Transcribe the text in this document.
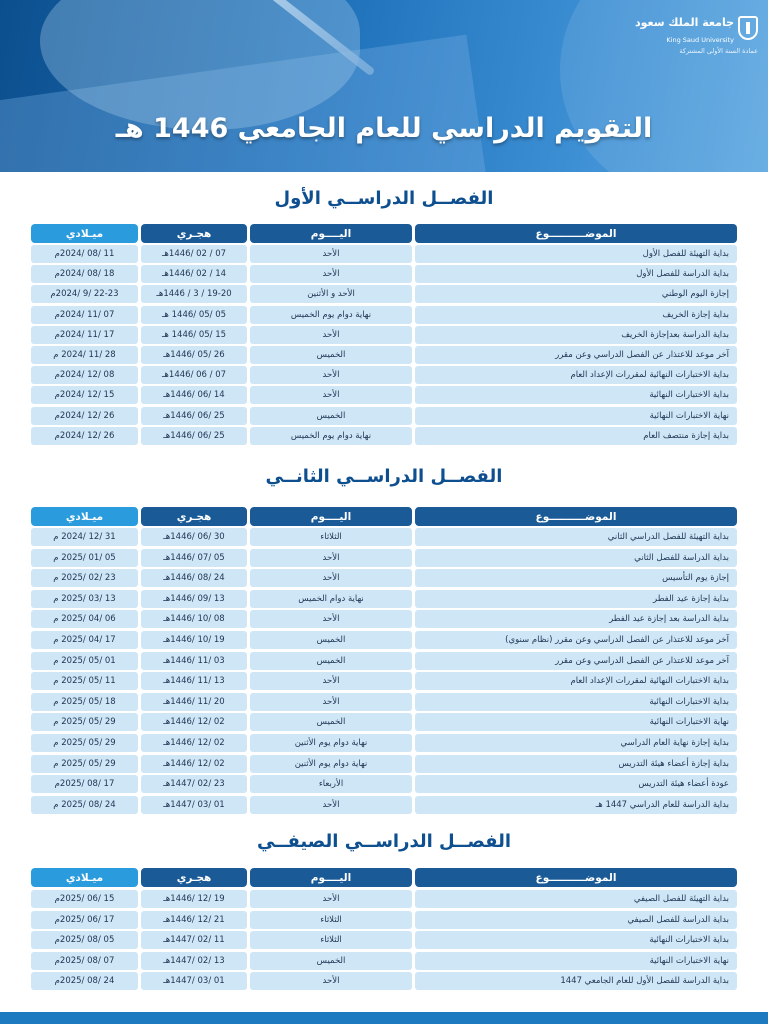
جامعة الملك سعود
King Saud University
عمادة السنة الأولى المشتركة
التقويم الدراسي للعام الجامعي 1446 هـ
الفصــل الدراســي الأول
الموضــــــــــوع
اليــــوم
هجـري
ميـلادي
بداية التهيئة للفصل الأول
الأحد
07 / 02 /1446هـ
11 /08 /2024م
بداية الدراسة للفصل الأول
الأحد
14 / 02 /1446هـ
18 /08 /2024م
إجازة اليوم الوطني
الأحد و الأثنين
19-20 / 3 / 1446هـ
22-23 /9 /2024م
بداية إجازة الخريف
نهاية دوام يوم الخميس
05 /05 /1446 هـ
07 /11 /2024م
بداية الدراسة بعدإجازة الخريف
الأحد
15 /05 /1446 هـ
17 /11 /2024م
آخر موعد للاعتذار عن الفصل الدراسي وعن مقرر
الخميس
26 /05 /1446هـ
28 /11 /2024 م
بداية الاختبارات النهائية لمقررات الإعداد العام
الأحد
07 / 06 /1446هـ
08 /12 /2024م
بداية الاختبارات النهائية
الأحد
14 /06 /1446هـ
15 /12 /2024م
نهاية الاختبارات النهائية
الخميس
25 /06 /1446هـ
26 /12 /2024م
بداية إجازة منتصف العام
نهاية دوام يوم الخميس
25 /06 /1446هـ
26 /12 /2024م
الفصــل الدراســي الثانــي
الموضــــــــــوع
اليــــوم
هجـري
ميـلادي
بداية التهيئة للفصل الدراسي الثاني
الثلاثاء
30 /06 /1446هـ
31 /12 /2024 م
بداية الدراسة للفصل الثاني
الأحد
05 /07 /1446هـ
05 /01 /2025 م
إجازة يوم التأسيس
الأحد
24 /08 /1446هـ
23 /02 /2025 م
بداية إجازة عيد الفطر
نهاية دوام الخميس
13 /09 /1446هـ
13 /03 /2025 م
بداية الدراسة بعد إجازة عيد الفطر
الأحد
08 /10 /1446هـ
06 /04 /2025 م
آخر موعد للاعتذار عن الفصل الدراسي وعن مقرر (نظام سنوي)
الخميس
19 /10 /1446هـ
17 /04 /2025 م
آخر موعد للاعتذار عن الفصل الدراسي وعن مقرر
الخميس
03 /11 /1446هـ
01 /05 /2025 م
بداية الاختبارات النهائية لمقررات الإعداد العام
الأحد
13 /11 /1446هـ
11 /05 /2025 م
بداية الاختبارات النهائية
الأحد
20 /11 /1446هـ
18 /05 /2025 م
نهاية الاختبارات النهائية
الخميس
02 /12 /1446هـ
29 /05 /2025 م
بداية إجازة نهاية العام الدراسي
نهاية دوام يوم الأثنين
02 /12 /1446هـ
29 /05 /2025 م
بداية إجازة أعضاء هيئة التدريس
نهاية دوام يوم الأثنين
02 /12 /1446هـ
29 /05 /2025 م
عودة أعضاء هيئة التدريس
الأربعاء
23 /02 /1447هـ
17 /08 /2025م
بداية الدراسة للعام الدراسي 1447 هـ
الأحد
01 /03 /1447هـ
24 /08 /2025 م
الفصــل الدراســي الصيفــي
الموضــــــــــوع
اليــــوم
هجـري
ميـلادي
بداية التهيئة للفصل الصيفي
الأحد
19 /12 /1446هـ
15 /06 /2025م
بداية الدراسة للفصل الصيفي
الثلاثاء
21 /12 /1446هـ
17 /06 /2025م
بداية الاختبارات النهائية
الثلاثاء
11 /02 /1447هـ
05 /08 /2025م
نهاية الاختبارات النهائية
الخميس
13 /02 /1447هـ
07 /08 /2025م
بداية الدراسة للفصل الأول للعام الجامعي 1447
الأحد
01 /03 /1447هـ
24 /08 /2025م
